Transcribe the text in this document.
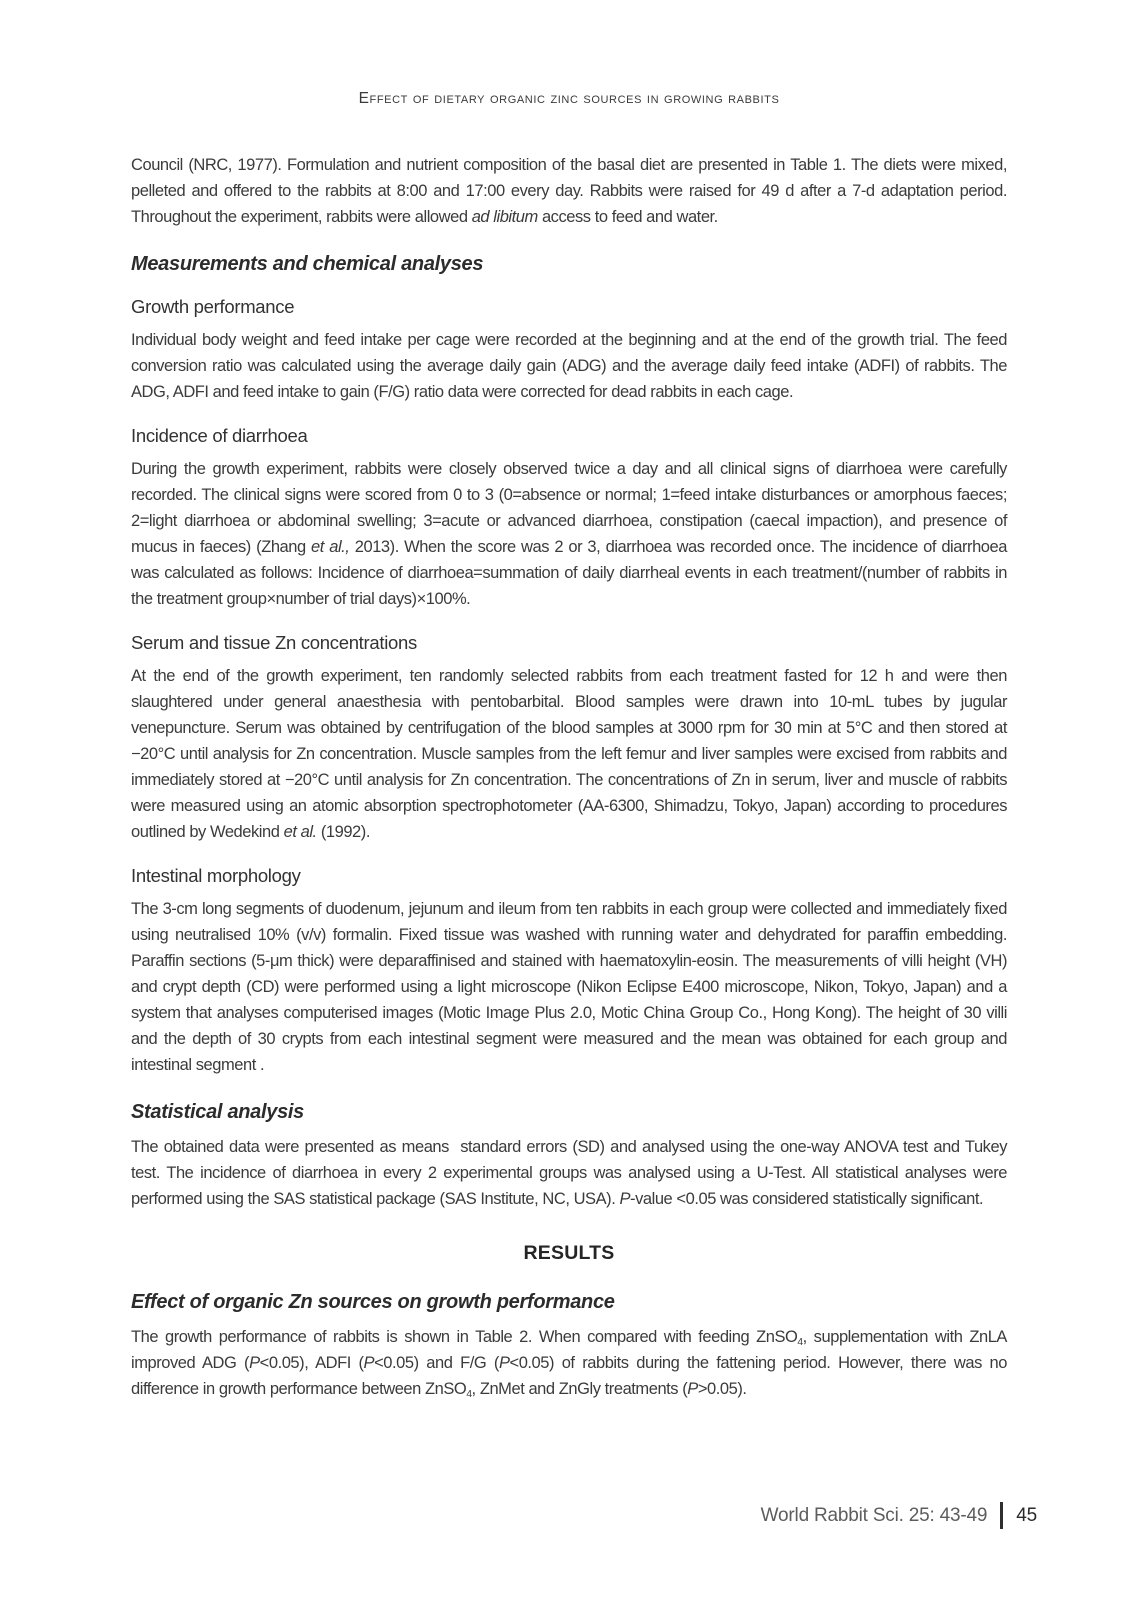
Effect of dietary organic zinc sources in growing rabbits

Council (NRC, 1977). Formulation and nutrient composition of the basal diet are presented in Table 1. The diets were mixed, pelleted and offered to the rabbits at 8:00 and 17:00 every day. Rabbits were raised for 49 d after a 7-d adaptation period. Throughout the experiment, rabbits were allowed ad libitum access to feed and water.

Measurements and chemical analyses
Growth performance

Individual body weight and feed intake per cage were recorded at the beginning and at the end of the growth trial. The feed conversion ratio was calculated using the average daily gain (ADG) and the average daily feed intake (ADFI) of rabbits. The ADG, ADFI and feed intake to gain (F/G) ratio data were corrected for dead rabbits in each cage.

Incidence of diarrhoea

During the growth experiment, rabbits were closely observed twice a day and all clinical signs of diarrhoea were carefully recorded. The clinical signs were scored from 0 to 3 (0=absence or normal; 1=feed intake disturbances or amorphous faeces; 2=light diarrhoea or abdominal swelling; 3=acute or advanced diarrhoea, constipation (caecal impaction), and presence of mucus in faeces) (Zhang et al., 2013). When the score was 2 or 3, diarrhoea was recorded once. The incidence of diarrhoea was calculated as follows: Incidence of diarrhoea=summation of daily diarrheal events in each treatment/(number of rabbits in the treatment group×number of trial days)×100%.

Serum and tissue Zn concentrations

At the end of the growth experiment, ten randomly selected rabbits from each treatment fasted for 12 h and were then slaughtered under general anaesthesia with pentobarbital. Blood samples were drawn into 10-mL tubes by jugular venepuncture. Serum was obtained by centrifugation of the blood samples at 3000 rpm for 30 min at 5°C and then stored at −20°C until analysis for Zn concentration. Muscle samples from the left femur and liver samples were excised from rabbits and immediately stored at −20°C until analysis for Zn concentration. The concentrations of Zn in serum, liver and muscle of rabbits were measured using an atomic absorption spectrophotometer (AA-6300, Shimadzu, Tokyo, Japan) according to procedures outlined by Wedekind et al. (1992).

Intestinal morphology

The 3-cm long segments of duodenum, jejunum and ileum from ten rabbits in each group were collected and immediately fixed using neutralised 10% (v/v) formalin. Fixed tissue was washed with running water and dehydrated for paraffin embedding. Paraffin sections (5-μm thick) were deparaffinised and stained with haematoxylin-eosin. The measurements of villi height (VH) and crypt depth (CD) were performed using a light microscope (Nikon Eclipse E400 microscope, Nikon, Tokyo, Japan) and a system that analyses computerised images (Motic Image Plus 2.0, Motic China Group Co., Hong Kong). The height of 30 villi and the depth of 30 crypts from each intestinal segment were measured and the mean was obtained for each group and intestinal segment .

Statistical analysis

The obtained data were presented as means  standard errors (SD) and analysed using the one-way ANOVA test and Tukey test. The incidence of diarrhoea in every 2 experimental groups was analysed using a U-Test. All statistical analyses were performed using the SAS statistical package (SAS Institute, NC, USA). P-value <0.05 was considered statistically significant.

RESULTS
Effect of organic Zn sources on growth performance

The growth performance of rabbits is shown in Table 2. When compared with feeding ZnSO$_4$, supplementation with ZnLA improved ADG (P<0.05), ADFI (P<0.05) and F/G (P<0.05) of rabbits during the fattening period. However, there was no difference in growth performance between ZnSO$_4$, ZnMet and ZnGly treatments (P>0.05).

World Rabbit Sci. 25: 43-49 45
